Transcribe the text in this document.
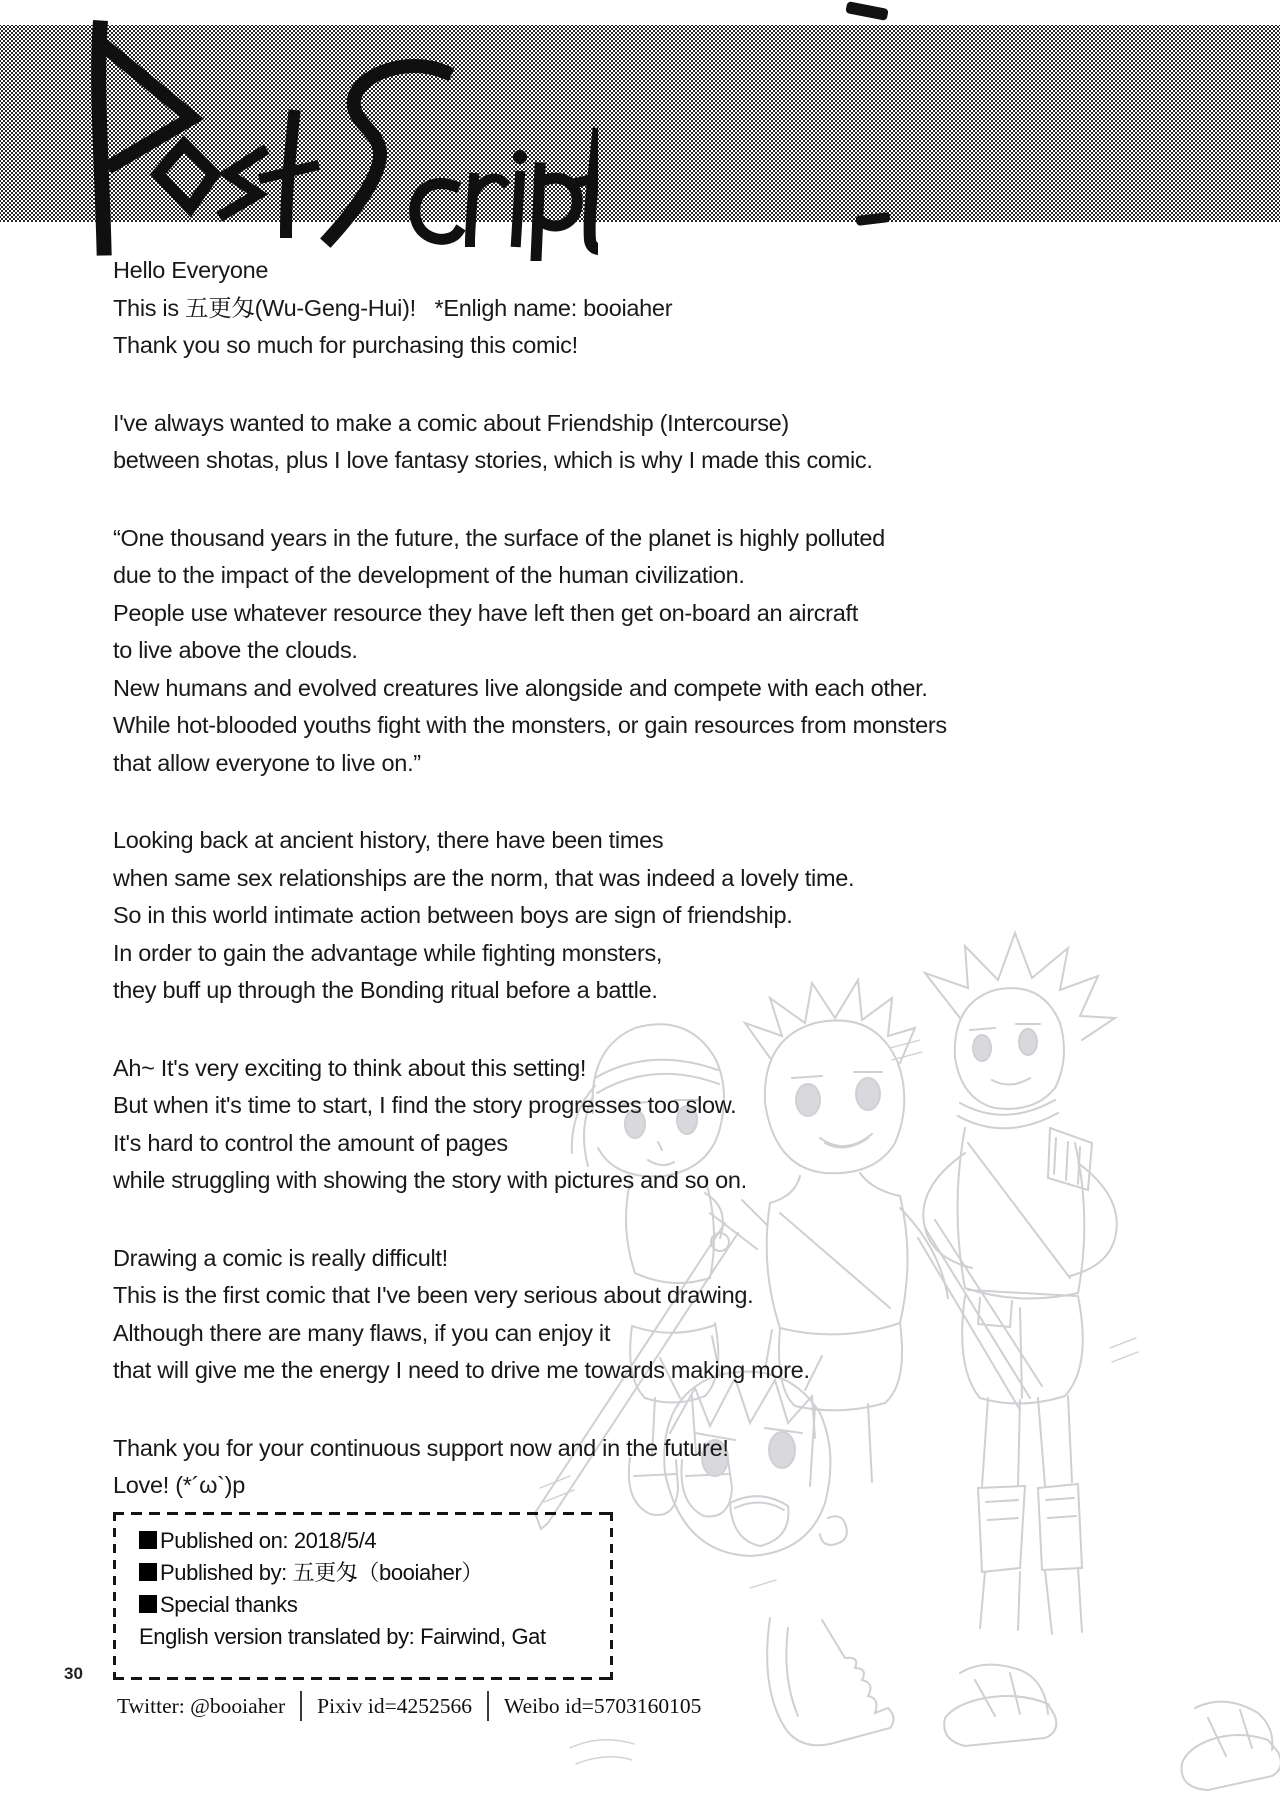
Hello Everyone
This is 五更匁(Wu-Geng-Hui)!   *Enligh name: booiaher
Thank you so much for purchasing this comic!

I've always wanted to make a comic about Friendship (Intercourse)
between shotas, plus I love fantasy stories, which is why I made this comic.

“One thousand years in the future, the surface of the planet is highly polluted
due to the impact of the development of the human civilization.
People use whatever resource they have left then get on-board an aircraft
to live above the clouds.
New humans and evolved creatures live alongside and compete with each other.
While hot-blooded youths fight with the monsters, or gain resources from monsters
that allow everyone to live on.”

Looking back at ancient history, there have been times
when same sex relationships are the norm, that was indeed a lovely time.
So in this world intimate action between boys are sign of friendship.
In order to gain the advantage while fighting monsters,
they buff up through the Bonding ritual before a battle.

Ah~ It's very exciting to think about this setting!
But when it's time to start, I find the story progresses too slow.
It's hard to control the amount of pages
while struggling with showing the story with pictures and so on.

Drawing a comic is really difficult!
This is the first comic that I've been very serious about drawing.
Although there are many flaws, if you can enjoy it
that will give me the energy I need to drive me towards making more.

Thank you for your continuous support now and in the future!
Love! (*´ω`)p

Published on: 2018/5/4
Published by: 五更匁（booiaher）
Special thanks
English version translated by: Fairwind, Gat
30
Twitter: @booiaher Pixiv id=4252566 Weibo id=5703160105
